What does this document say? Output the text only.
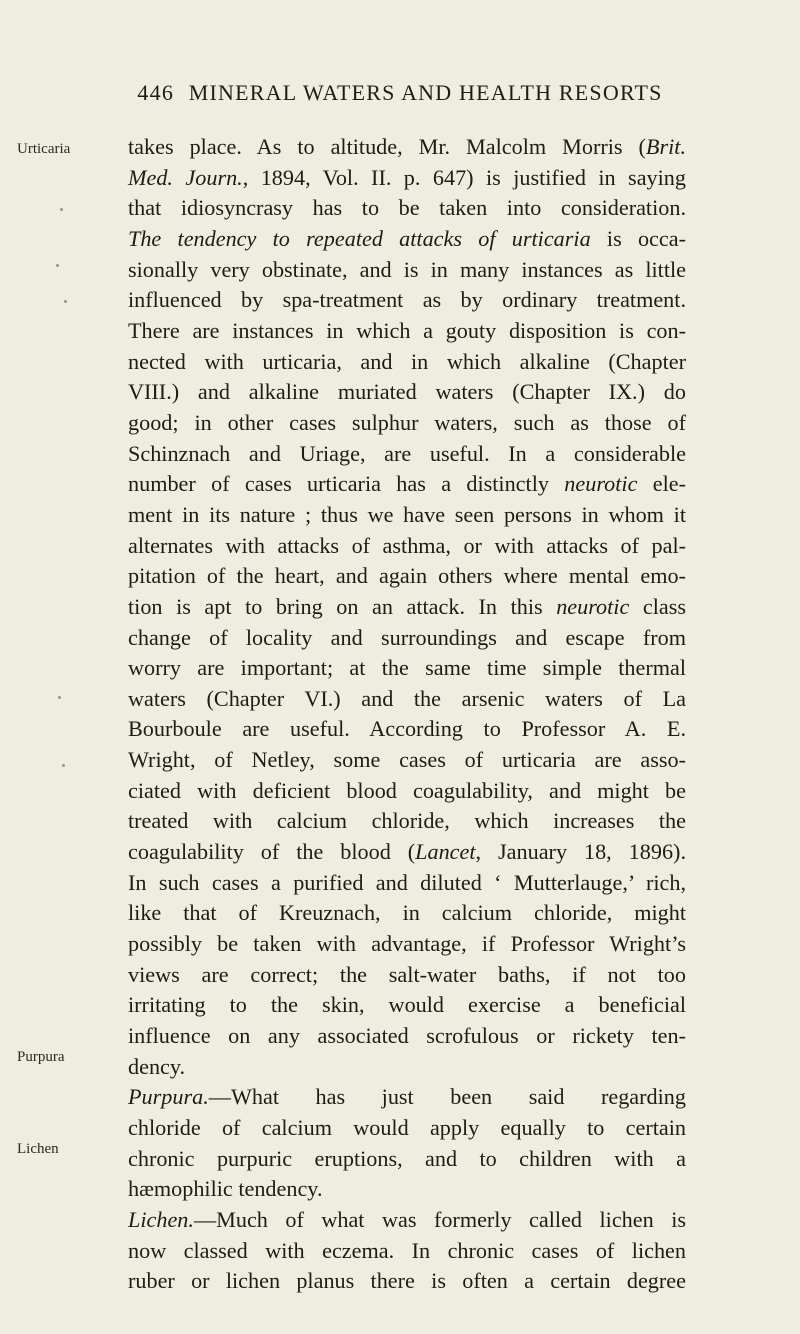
446 MINERAL WATERS AND HEALTH RESORTS
Urticaria
Purpura
Lichen
takes place. As to altitude, Mr. Malcolm Morris (Brit.
Med. Journ., 1894, Vol. II. p. 647) is justified in saying
that idiosyncrasy has to be taken into consideration.
The tendency to repeated attacks of urticaria is occa-
sionally very obstinate, and is in many instances as little
influenced by spa-treatment as by ordinary treatment.
There are instances in which a gouty disposition is con-
nected with urticaria, and in which alkaline (Chapter
VIII.) and alkaline muriated waters (Chapter IX.) do
good; in other cases sulphur waters, such as those of
Schinznach and Uriage, are useful. In a considerable
number of cases urticaria has a distinctly neurotic ele-
ment in its nature ; thus we have seen persons in whom it
alternates with attacks of asthma, or with attacks of pal-
pitation of the heart, and again others where mental emo-
tion is apt to bring on an attack. In this neurotic class
change of locality and surroundings and escape from
worry are important; at the same time simple thermal
waters (Chapter VI.) and the arsenic waters of La
Bourboule are useful. According to Professor A. E.
Wright, of Netley, some cases of urticaria are asso-
ciated with deficient blood coagulability, and might be
treated with calcium chloride, which increases the
coagulability of the blood (Lancet, January 18, 1896).
In such cases a purified and diluted ‘ Mutterlauge,’ rich,
like that of Kreuznach, in calcium chloride, might
possibly be taken with advantage, if Professor Wright’s
views are correct; the salt-water baths, if not too
irritating to the skin, would exercise a beneficial
influence on any associated scrofulous or rickety ten-
dency.
Purpura.—What has just been said regarding
chloride of calcium would apply equally to certain
chronic purpuric eruptions, and to children with a
hæmophilic tendency.
Lichen.—Much of what was formerly called lichen is
now classed with eczema. In chronic cases of lichen
ruber or lichen planus there is often a certain degree
